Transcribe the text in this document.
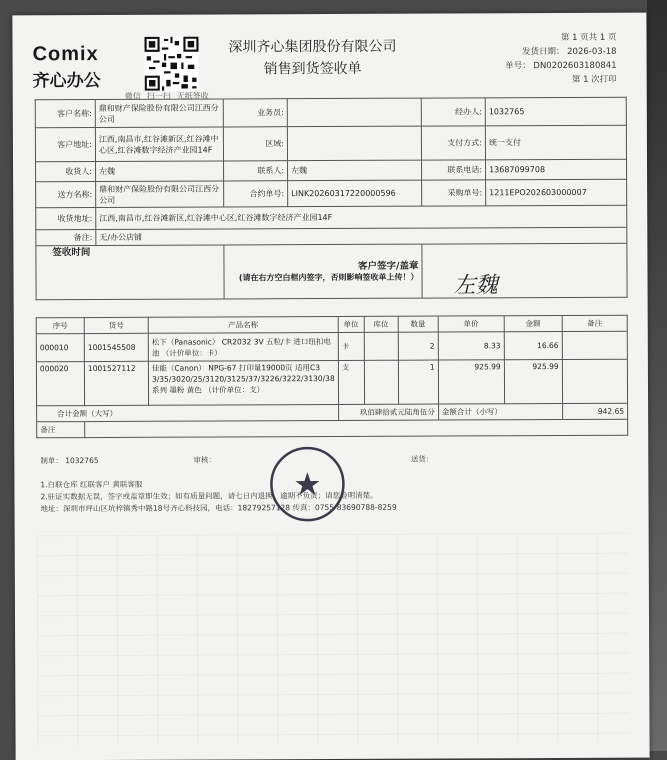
Comix
齐心办公
微信 扫一扫 无纸签收
深圳齐心集团股份有限公司
销售到货签收单
第 1 页共 1 页
发货日期： 2026-03-18
单号： DN0202603180841
第 1 次打印
客户名称:	鼎和财产保险股份有限公司江西分公司	业务员:		经办人:	1032765
客户地址:	江西,南昌市,红谷滩新区,红谷滩中心区,红谷滩数字经济产业园14F	区域:		支付方式:	统一支付
收货人:	左魏	联系人:	左魏	联系电话:	13687099708
送方名称:	鼎和财产保险股份有限公司江西分公司	合约单号:	LINK20260317220000596	采购单号:	1211EPO202603000007
收货地址:	江西,南昌市,红谷滩新区,红谷滩中心区,红谷滩数字经济产业园14F				
备注:	无/办公店铺				
签收时间		客户签字/盖章
(请在右方空白框内签字，否则影响签收单上传！）			
	左魏
序号	货号	产品名称	单位	库位	数量	单价	金额	备注
000010	1001545508	松下（Panasonic） CR2032 3V 五粒/卡 进口纽扣电池 （计价单位：卡）	卡		2	8.33	16.66	
000020	1001527112	佳能（Canon） NPG-67 打印量19000页 适用C3 3/35/3020/25/3120/3125/37/3226/3222/3130/38系列 墨粉 黄色 （计价单位：支）	支		1	925.99	925.99	
合计金额（大写）			玖佰肆拾贰元陆角伍分			金额合计（小写）		942.65
备注								
制单： 1032765	审核：	送货：
1.白联仓库 红联客户 黄联客服
2.驻证实数据无误，签字或盖章即生效；如有质量问题，请七日内退换，逾期不负责；请您验明清楚。
地址：深圳市坪山区坑梓镇秀中路18号齐心科技园，电话：18279257128 传真：0755-83690788-8259
